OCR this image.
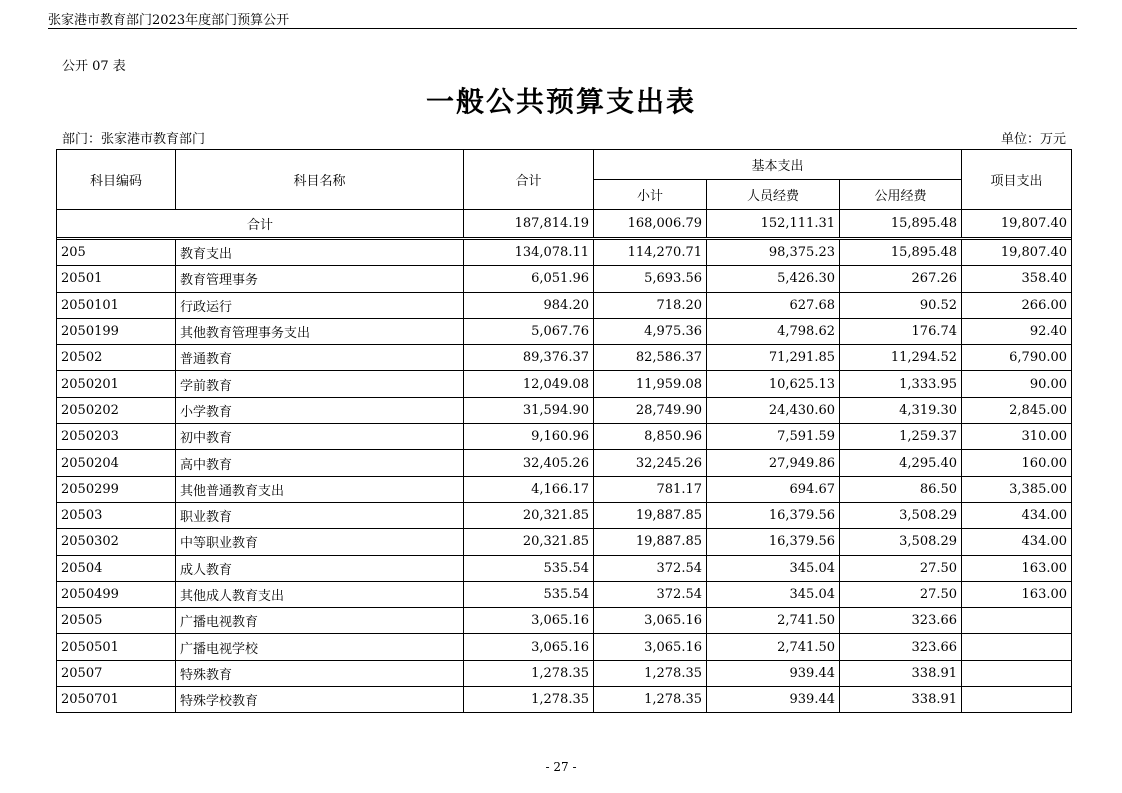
张家港市教育部门2023年度部门预算公开
公开 07 表
一般公共预算支出表
部门：张家港市教育部门	单位：万元
科目编码	科目名称	合计	基本支出			项目支出
			小计	人员经费	公用经费	
合计		187,814.19	168,006.79	152,111.31	15,895.48	19,807.40

205	教育支出	134,078.11	114,270.71	98,375.23	15,895.48	19,807.40
20501	教育管理事务	6,051.96	5,693.56	5,426.30	267.26	358.40
2050101	行政运行	984.20	718.20	627.68	90.52	266.00
2050199	其他教育管理事务支出	5,067.76	4,975.36	4,798.62	176.74	92.40
20502	普通教育	89,376.37	82,586.37	71,291.85	11,294.52	6,790.00
2050201	学前教育	12,049.08	11,959.08	10,625.13	1,333.95	90.00
2050202	小学教育	31,594.90	28,749.90	24,430.60	4,319.30	2,845.00
2050203	初中教育	9,160.96	8,850.96	7,591.59	1,259.37	310.00
2050204	高中教育	32,405.26	32,245.26	27,949.86	4,295.40	160.00
2050299	其他普通教育支出	4,166.17	781.17	694.67	86.50	3,385.00
20503	职业教育	20,321.85	19,887.85	16,379.56	3,508.29	434.00
2050302	中等职业教育	20,321.85	19,887.85	16,379.56	3,508.29	434.00
20504	成人教育	535.54	372.54	345.04	27.50	163.00
2050499	其他成人教育支出	535.54	372.54	345.04	27.50	163.00
20505	广播电视教育	3,065.16	3,065.16	2,741.50	323.66	
2050501	广播电视学校	3,065.16	3,065.16	2,741.50	323.66	
20507	特殊教育	1,278.35	1,278.35	939.44	338.91	
2050701	特殊学校教育	1,278.35	1,278.35	939.44	338.91	
- 27 -
